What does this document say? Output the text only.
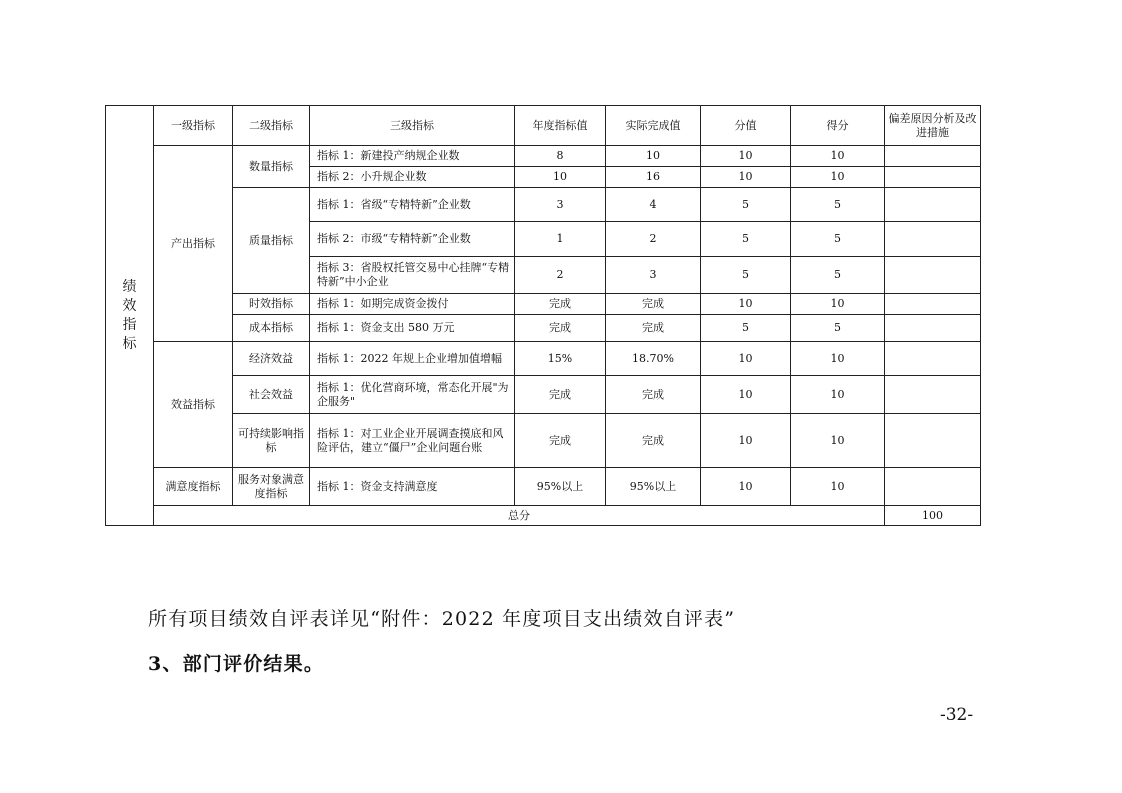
绩
效
指
标	一级指标	二级指标	三级指标	年度指标值	实际完成值	分值	得分	偏差原因分析及改进措施	
	产出指标	数量指标	指标 1：新建投产纳规企业数	8	10	10	10		
			指标 2：小升规企业数	10	16	10	10		
		质量指标	指标 1：省级“专精特新”企业数	3	4	5	5		
			指标 2：市级“专精特新”企业数	1	2	5	5		
			指标 3：省股权托管交易中心挂牌“专精特新”中小企业	2	3	5	5		
		时效指标	指标 1：如期完成资金拨付	完成	完成	10	10		
		成本指标	指标 1：资金支出 580 万元	完成	完成	5	5		
	效益指标	经济效益	指标 1：2022 年规上企业增加值增幅	15%	18.70%	10	10		
		社会效益	指标 1：优化营商环境，常态化开展"为企服务"	完成	完成	10	10		
		可持续影响指标	指标 1：对工业企业开展调查摸底和风险评估，建立“僵尸”企业问题台账	完成	完成	10	10		
	满意度指标	服务对象满意度指标	指标 1：资金支持满意度	95%以上	95%以上	10	10		
	总分							100		
所有项目绩效自评表详见“附件：2022 年度项目支出绩效自评表”
3、部门评价结果。
-32-
